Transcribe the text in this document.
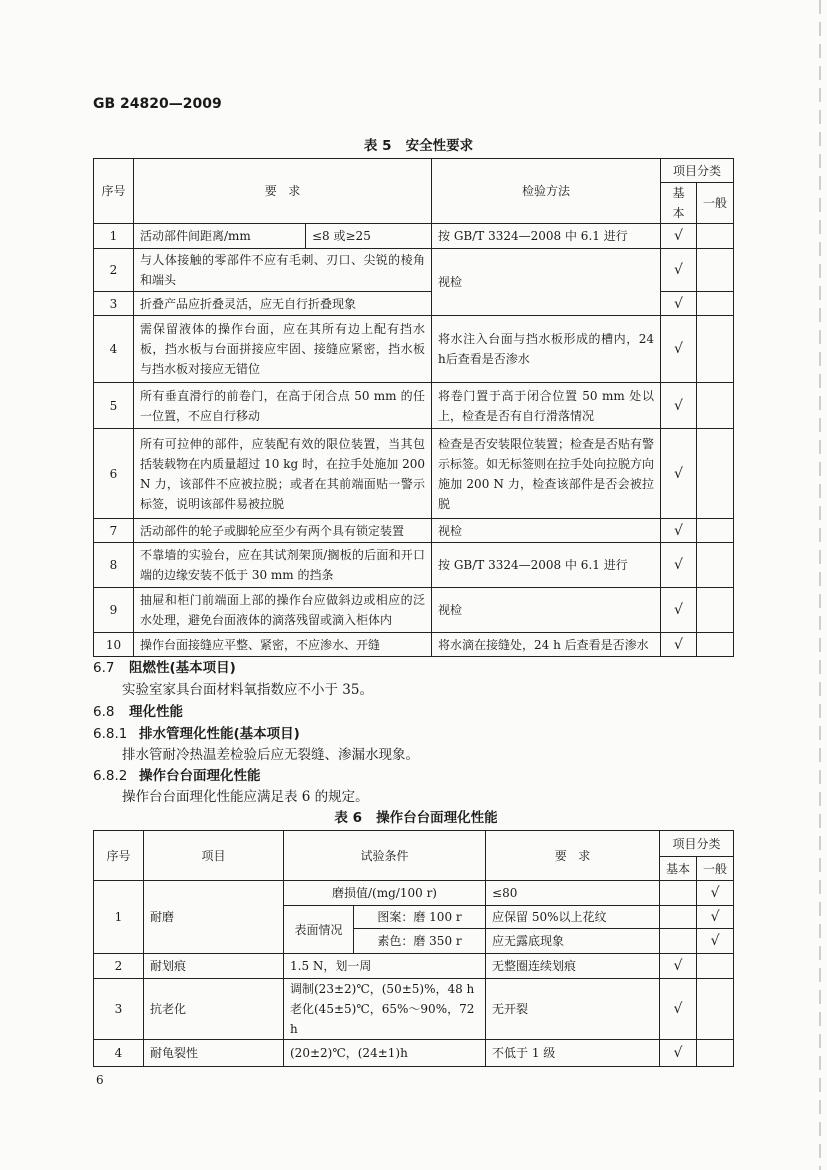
GB 24820—2009
表 5   安全性要求
序号	要   求		检验方法	项目分类	
				基本	一般
1	活动部件间距离/mm	≤8 或≥25	按 GB/T 3324—2008 中 6.1 进行	√	
2	与人体接触的零部件不应有毛刺、刃口、尖锐的棱角和端头		视检	√	
3	折叠产品应折叠灵活，应无自行折叠现象			√	
4	需保留液体的操作台面，应在其所有边上配有挡水板，挡水板与台面拼接应牢固、接缝应紧密，挡水板与挡水板对接应无错位		将水注入台面与挡水板形成的槽内，24 h后查看是否渗水	√	
5	所有垂直滑行的前卷门，在高于闭合点 50 mm 的任一位置，不应自行移动		将卷门置于高于闭合位置 50 mm 处以上，检查是否有自行滑落情况	√	
6	所有可拉伸的部件，应装配有效的限位装置，当其包括装载物在内质量超过 10 kg 时，在拉手处施加 200 N 力，该部件不应被拉脱；或者在其前端面贴一警示标签，说明该部件易被拉脱		检查是否安装限位装置；检查是否贴有警示标签。如无标签则在拉手处向拉脱方向施加 200 N 力，检查该部件是否会被拉脱	√	
7	活动部件的轮子或脚轮应至少有两个具有锁定装置		视检	√	
8	不靠墙的实验台，应在其试剂架顶/搁板的后面和开口端的边缘安装不低于 30 mm 的挡条		按 GB/T 3324—2008 中 6.1 进行	√	
9	抽屉和柜门前端面上部的操作台应做斜边或相应的泛水处理，避免台面液体的滴落残留或滴入柜体内		视检	√	
10	操作台面接缝应平整、紧密，不应渗水、开缝		将水滴在接缝处，24 h 后查看是否渗水	√	
6.7 阻燃性(基本项目)
实验室家具台面材料氧指数应不小于 35。
6.8 理化性能
6.8.1 排水管理化性能(基本项目)
排水管耐冷热温差检验后应无裂缝、渗漏水现象。
6.8.2 操作台台面理化性能
操作台台面理化性能应满足表 6 的规定。
表 6   操作台台面理化性能
序号	项目	试验条件		要   求	项目分类	
					基本	一般
1	耐磨	磨损值/(mg/100 r)		≤80		√
		表面情况	图案：磨 100 r	应保留 50%以上花纹		√
			素色：磨 350 r	应无露底现象		√
2	耐划痕	1.5 N，划一周		无整圈连续划痕	√	
3	抗老化	调制(23±2)℃，(50±5)%，48 h
老化(45±5)℃，65%～90%，72 h		无开裂	√	
4	耐龟裂性	(20±2)℃，(24±1)h		不低于 1 级	√	
6
